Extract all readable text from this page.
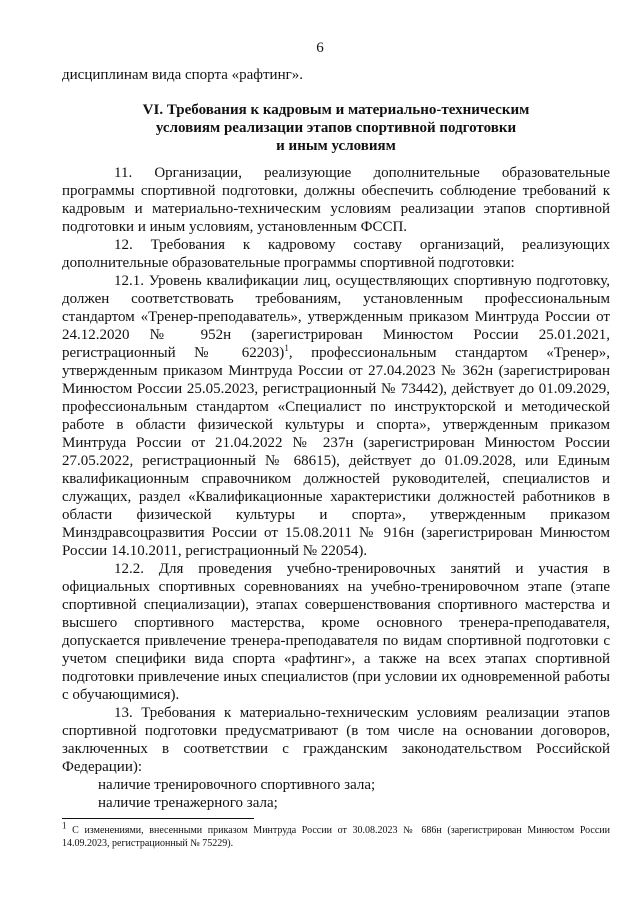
6

дисциплинам вида спорта «рафтинг».

VI. Требования к кадровым и материально-техническим
условиям реализации этапов спортивной подготовки
и иным условиям

11. Организации, реализующие дополнительные образовательные программы спортивной подготовки, должны обеспечить соблюдение требований к кадровым и материально-техническим условиям реализации этапов спортивной подготовки и иным условиям, установленным ФССП.

12. Требования к кадровому составу организаций, реализующих дополнительные образовательные программы спортивной подготовки:

12.1. Уровень квалификации лиц, осуществляющих спортивную подготовку, должен соответствовать требованиям, установленным профессиональным стандартом «Тренер-преподаватель», утвержденным приказом Минтруда России от 24.12.2020 № 952н (зарегистрирован Минюстом России 25.01.2021, регистрационный № 62203)$^1$, профессиональным стандартом «Тренер», утвержденным приказом Минтруда России от 27.04.2023 № 362н (зарегистрирован Минюстом России 25.05.2023, регистрационный № 73442), действует до 01.09.2029, профессиональным стандартом «Специалист по инструкторской и методической работе в области физической культуры и спорта», утвержденным приказом Минтруда России от 21.04.2022 № 237н (зарегистрирован Минюстом России 27.05.2022, регистрационный № 68615), действует до 01.09.2028, или Единым квалификационным справочником должностей руководителей, специалистов и служащих, раздел «Квалификационные характеристики должностей работников в области физической культуры и спорта», утвержденным приказом Минздравсоцразвития России от 15.08.2011 № 916н (зарегистрирован Минюстом России 14.10.2011, регистрационный № 22054).

12.2. Для проведения учебно-тренировочных занятий и участия в официальных спортивных соревнованиях на учебно-тренировочном этапе (этапе спортивной специализации), этапах совершенствования спортивного мастерства и высшего спортивного мастерства, кроме основного тренера-преподавателя, допускается привлечение тренера-преподавателя по видам спортивной подготовки с учетом специфики вида спорта «рафтинг», а также на всех этапах спортивной подготовки привлечение иных специалистов (при условии их одновременной работы с обучающимися).

13. Требования к материально-техническим условиям реализации этапов спортивной подготовки предусматривают (в том числе на основании договоров, заключенных в соответствии с гражданским законодательством Российской Федерации):

наличие тренировочного спортивного зала;

наличие тренажерного зала;

$^1$ С изменениями, внесенными приказом Минтруда России от 30.08.2023 № 686н (зарегистрирован Минюстом России 14.09.2023, регистрационный № 75229).
